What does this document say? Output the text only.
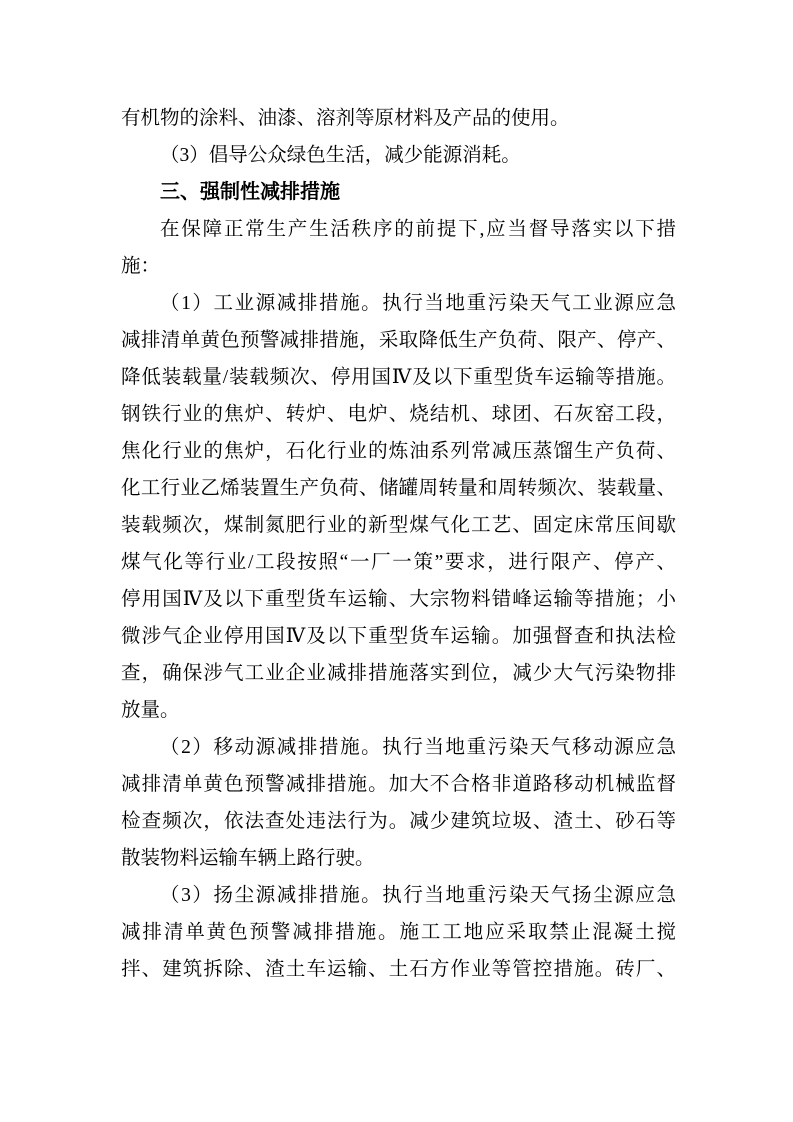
有机物的涂料、油漆、溶剂等原材料及产品的使用。
（3）倡导公众绿色生活，减少能源消耗。
三、强制性减排措施
在保障正常生产生活秩序的前提下,应当督导落实以下措
施：
（1）工业源减排措施。执行当地重污染天气工业源应急
减排清单黄色预警减排措施，采取降低生产负荷、限产、停产、
降低装载量/装载频次、停用国Ⅳ及以下重型货车运输等措施。
钢铁行业的焦炉、转炉、电炉、烧结机、球团、石灰窑工段，
焦化行业的焦炉，石化行业的炼油系列常减压蒸馏生产负荷、
化工行业乙烯装置生产负荷、储罐周转量和周转频次、装载量、
装载频次，煤制氮肥行业的新型煤气化工艺、固定床常压间歇
煤气化等行业/工段按照“一厂一策”要求，进行限产、停产、
停用国Ⅳ及以下重型货车运输、大宗物料错峰运输等措施；小
微涉气企业停用国Ⅳ及以下重型货车运输。加强督查和执法检
查，确保涉气工业企业减排措施落实到位，减少大气污染物排
放量。
（2）移动源减排措施。执行当地重污染天气移动源应急
减排清单黄色预警减排措施。加大不合格非道路移动机械监督
检查频次，依法查处违法行为。减少建筑垃圾、渣土、砂石等
散装物料运输车辆上路行驶。
（3）扬尘源减排措施。执行当地重污染天气扬尘源应急
减排清单黄色预警减排措施。施工工地应采取禁止混凝土搅
拌、建筑拆除、渣土车运输、土石方作业等管控措施。砖厂、
